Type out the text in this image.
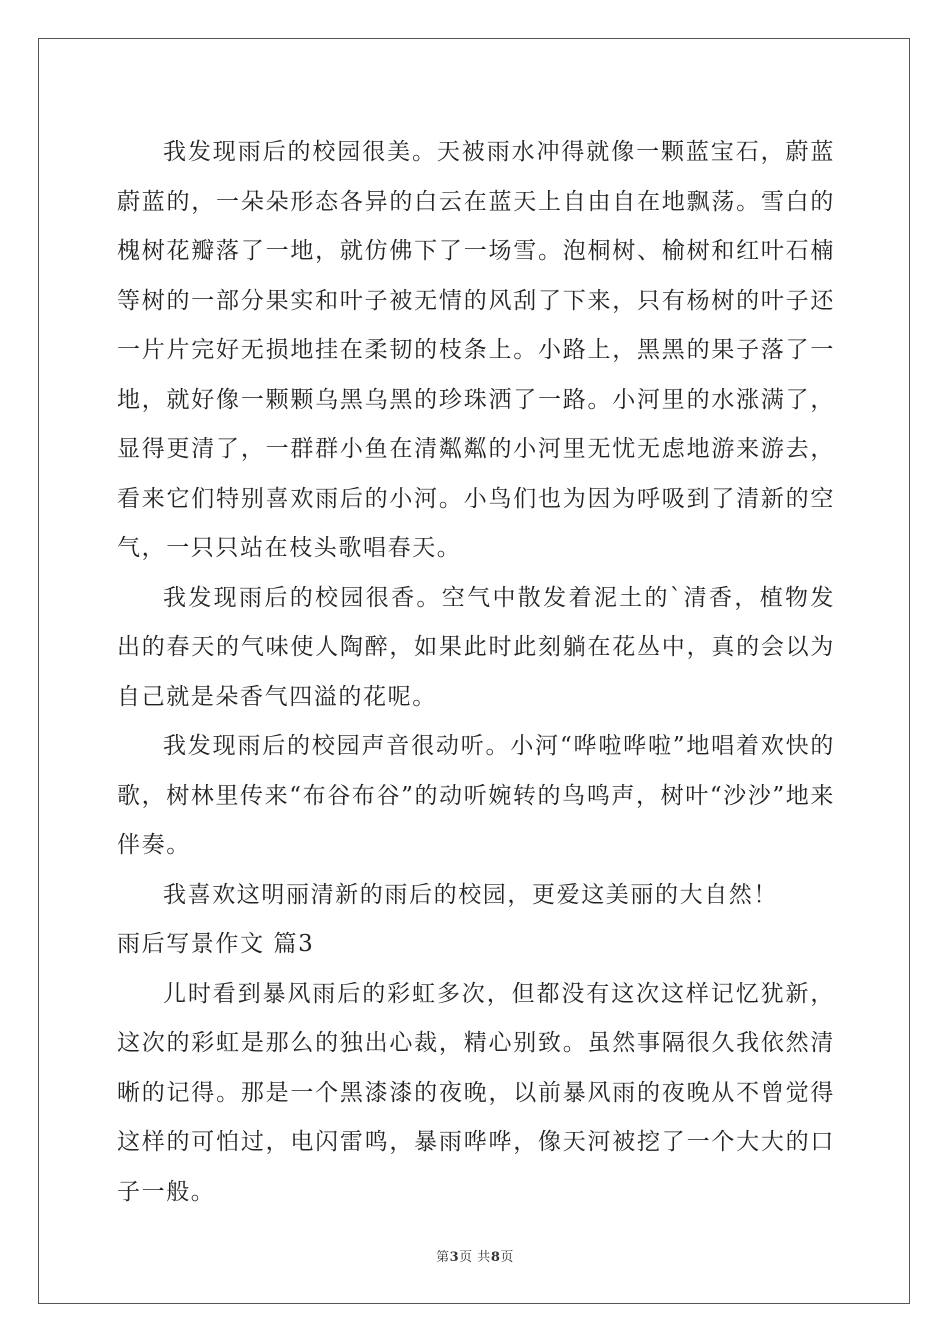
我发现雨后的校园很美。天被雨水冲得就像一颗蓝宝石，蔚蓝蔚蓝的，一朵朵形态各异的白云在蓝天上自由自在地飘荡。雪白的槐树花瓣落了一地，就仿佛下了一场雪。泡桐树、榆树和红叶石楠等树的一部分果实和叶子被无情的风刮了下来，只有杨树的叶子还一片片完好无损地挂在柔韧的枝条上。小路上，黑黑的果子落了一地，就好像一颗颗乌黑乌黑的珍珠洒了一路。小河里的水涨满了，显得更清了，一群群小鱼在清粼粼的小河里无忧无虑地游来游去，看来它们特别喜欢雨后的小河。小鸟们也为因为呼吸到了清新的空气，一只只站在枝头歌唱春天。

我发现雨后的校园很香。空气中散发着泥土的`清香，植物发出的春天的气味使人陶醉，如果此时此刻躺在花丛中，真的会以为自己就是朵香气四溢的花呢。

我发现雨后的校园声音很动听。小河“哗啦哗啦”地唱着欢快的歌，树林里传来“布谷布谷”的动听婉转的鸟鸣声，树叶“沙沙”地来伴奏。

我喜欢这明丽清新的雨后的校园，更爱这美丽的大自然！

雨后写景作文 篇3

儿时看到暴风雨后的彩虹多次，但都没有这次这样记忆犹新，这次的彩虹是那么的独出心裁，精心别致。虽然事隔很久我依然清晰的记得。那是一个黑漆漆的夜晚，以前暴风雨的夜晚从不曾觉得这样的可怕过，电闪雷鸣，暴雨哗哗，像天河被挖了一个大大的口子一般。

第3页 共8页
